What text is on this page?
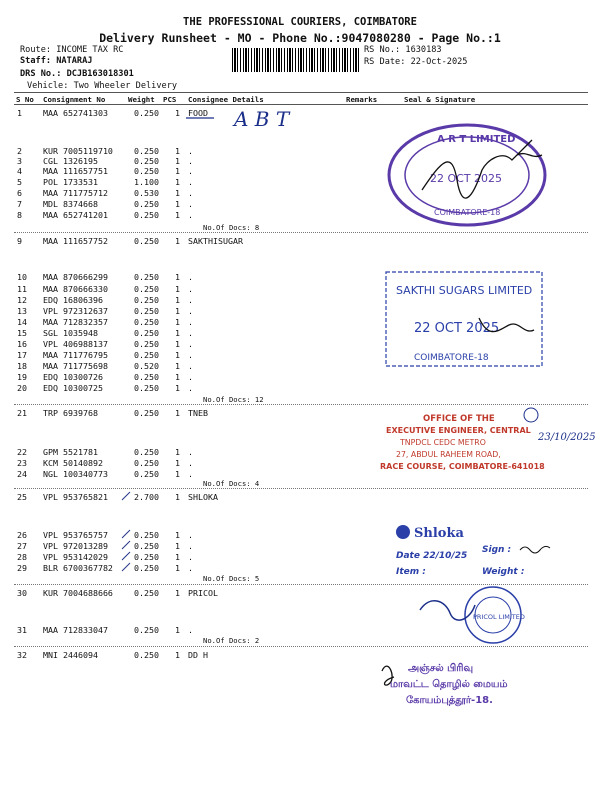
THE PROFESSIONAL COURIERS, COIMBATORE
Delivery Runsheet - MO - Phone No.:9047080280 - Page No.:1
Route: INCOME TAX RC
Staff: NATARAJ
DRS No.: DCJB163018301
Vehicle: Two Wheeler Delivery
RS No.: 1630183
RS Date: 22-Oct-2025
S No Consignment No	Weight PCS Consignee Details	Remarks	Seal & Signature
No.Of Docs: 8
No.Of Docs: 12
No.Of Docs: 4
No.Of Docs: 5
No.Of Docs: 2
1	MAA 652741303	0.250 1 FOOD
2	KUR 7005119710	0.250 1 .
3	CGL 1326195	0.250 1 .
4	MAA 111657751	0.250 1 .
5	POL 1733531	1.100 1 .
6	MAA 711775712	0.530 1 .
7	MDL 8374668	0.250 1 .
8	MAA 652741201	0.250 1 .
9	MAA 111657752	0.250 1 SAKTHISUGAR
10 MAA 870666299	0.250 1 .
11 MAA 870666330	0.250 1 .
12 EDQ 16806396	0.250 1 .
13 VPL 972312637	0.250 1 .
14 MAA 712832357	0.250 1 .
15 SGL 1035948	0.250 1 .
16 VPL 406988137	0.250 1 .
17 MAA 711776795	0.250 1 .
18 MAA 711775698	0.520 1 .
19 EDQ 10300726	0.250 1 .
20 EDQ 10300725	0.250 1 .
21 TRP 6939768	0.250 1 TNEB
22 GPM 5521781	0.250 1 .
23 KCM 50140892	0.250 1 .
24 NGL 100340773	0.250 1 .
25 VPL 953765821	2.700 1 SHLOKA
26 VPL 953765757	0.250 1 .
27 VPL 972013289	0.250 1 .
28 VPL 953142029	0.250 1 .
29 BLR 6700367782	0.250 1 .
30 KUR 7004688666	0.250 1 PRICOL
31 MAA 712833047	0.250 1 .
32 MNI 2446094	0.250 1 DD H
A B T
A R T LIMITED
22 OCT 2025
COIMBATORE-18
SAKTHI SUGARS LIMITED
22 OCT 2025
COIMBATORE-18
OFFICE OF THE
EXECUTIVE ENGINEER, CENTRAL
TNPDCL CEDC METRO
27, ABDUL RAHEEM ROAD,
RACE COURSE, COIMBATORE-641018
23/10/2025
Shloka
Date 22/10/25
Sign :
Item :	Weight :
PRICOL LIMITED
அஞ்சல் பிரிவு
மாவட்ட தொழில் மையம்
கோயம்புத்தூர்-18.
